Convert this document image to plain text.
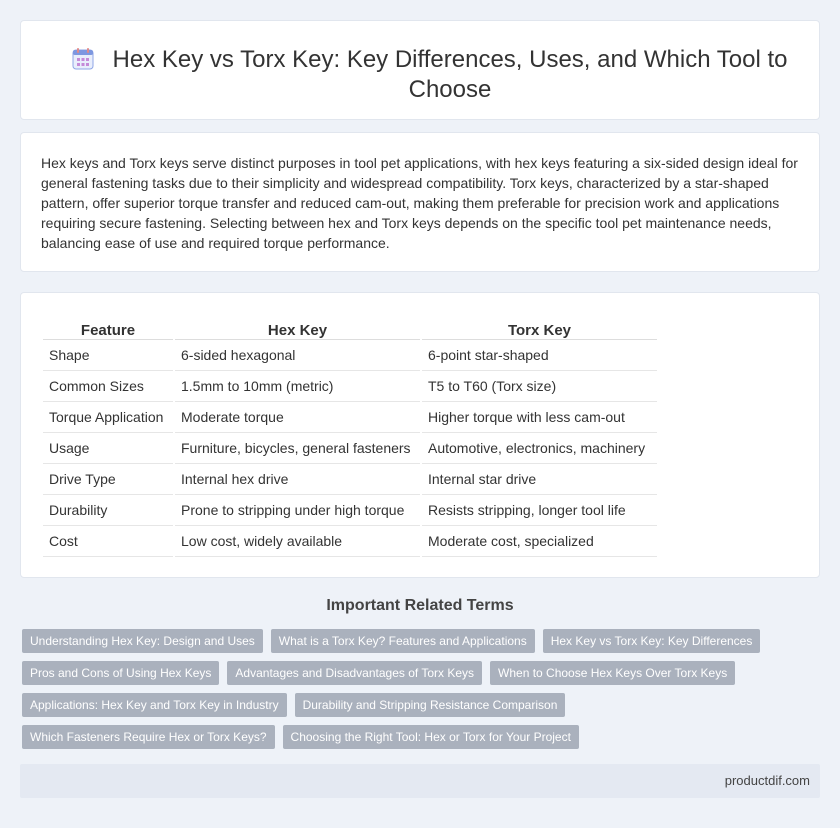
Hex Key vs Torx Key: Key Differences, Uses, and Which Tool to Choose

Hex keys and Torx keys serve distinct purposes in tool pet applications, with hex keys featuring a six-sided design ideal for general fastening tasks due to their simplicity and widespread compatibility. Torx keys, characterized by a star-shaped pattern, offer superior torque transfer and reduced cam-out, making them preferable for precision work and applications requiring secure fastening. Selecting between hex and Torx keys depends on the specific tool pet maintenance needs, balancing ease of use and required torque performance.

Feature	Hex Key	Torx Key
Shape	6-sided hexagonal	6-point star-shaped
Common Sizes	1.5mm to 10mm (metric)	T5 to T60 (Torx size)
Torque Application	Moderate torque	Higher torque with less cam-out
Usage	Furniture, bicycles, general fasteners	Automotive, electronics, machinery
Drive Type	Internal hex drive	Internal star drive
Durability	Prone to stripping under high torque	Resists stripping, longer tool life
Cost	Low cost, widely available	Moderate cost, specialized
Important Related Terms
Understanding Hex Key: Design and Uses	What is a Torx Key? Features and Applications	Hex Key vs Torx Key: Key Differences
Pros and Cons of Using Hex Keys	Advantages and Disadvantages of Torx Keys	When to Choose Hex Keys Over Torx Keys
Applications: Hex Key and Torx Key in Industry	Durability and Stripping Resistance Comparison
Which Fasteners Require Hex or Torx Keys?	Choosing the Right Tool: Hex or Torx for Your Project
productdif.com
